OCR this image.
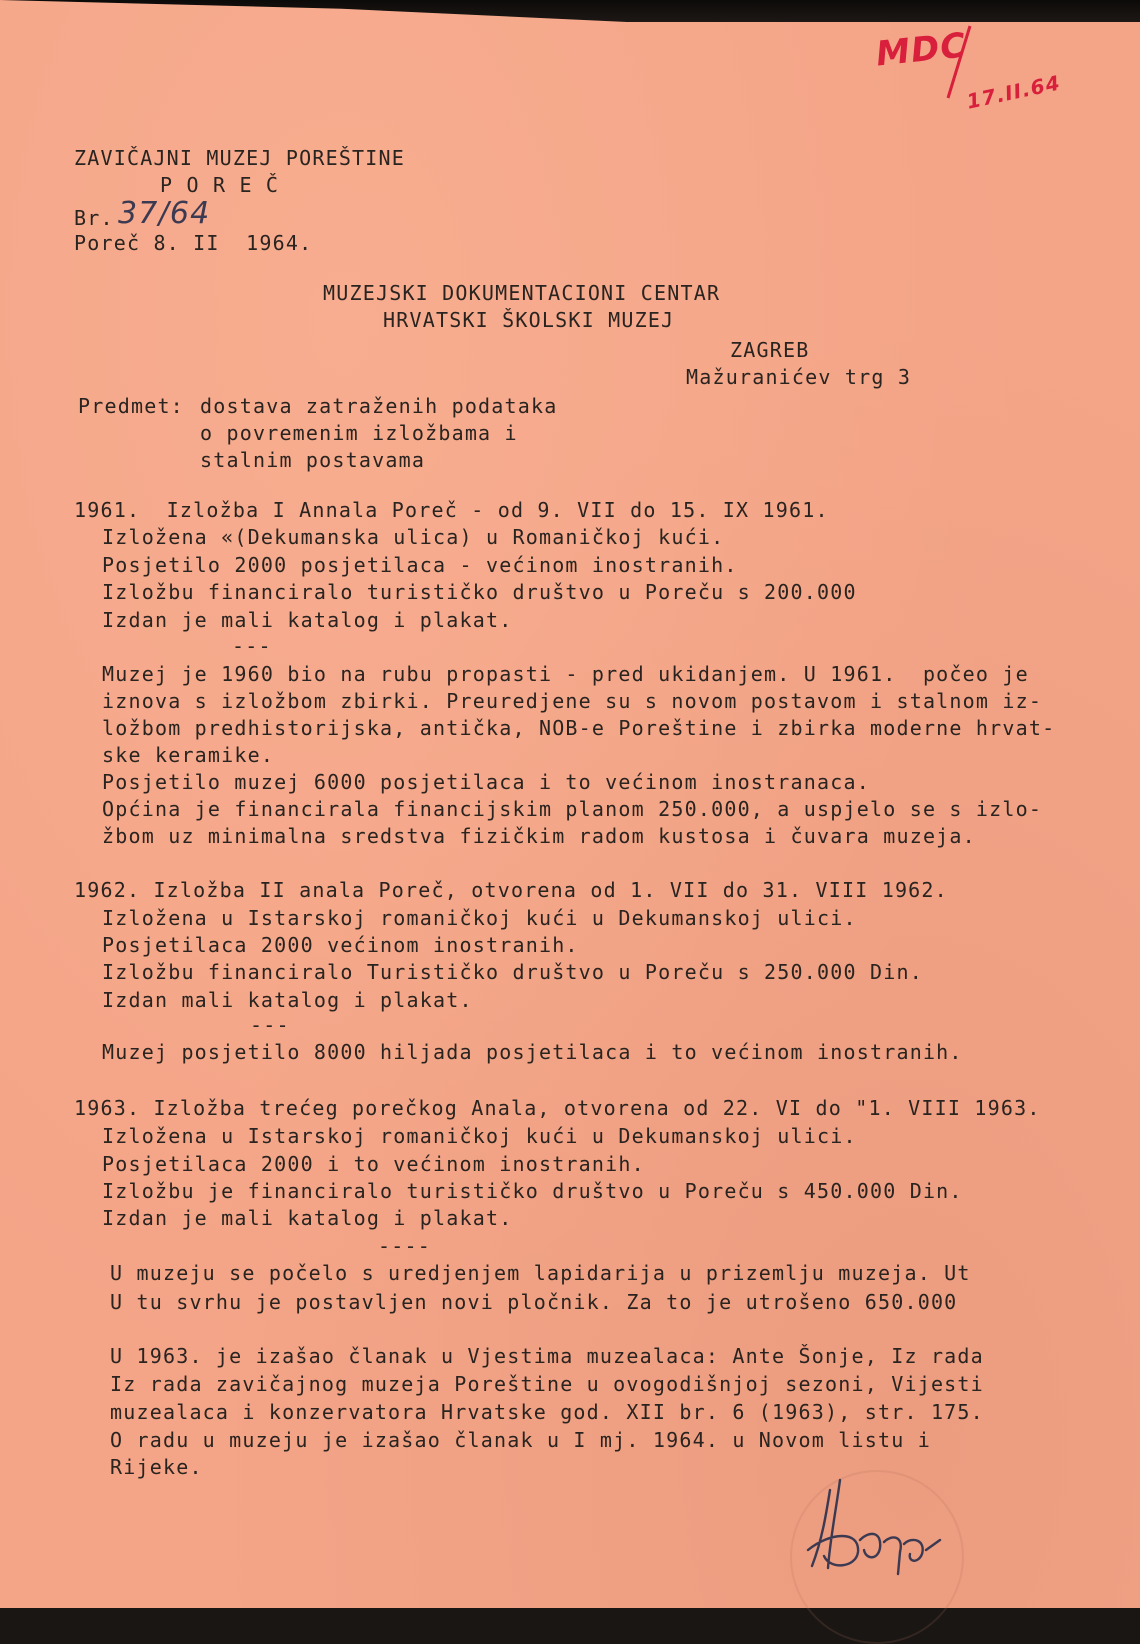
MDC
17.II.64
ZAVIČAJNI MUZEJ POREŠTINE
P O R E Č
Br. 37/64
Poreč 8. II  1964.
MUZEJSKI DOKUMENTACIONI CENTAR
HRVATSKI ŠKOLSKI MUZEJ
ZAGREB
Mažuranićev trg 3
Predmet: dostava zatraženih podataka
o povremenim izložbama i
stalnim postavama
1961.  Izložba I Annala Poreč - od 9. VII do 15. IX 1961.
Izložena «(Dekumanska ulica) u Romaničkoj kući.
Posjetilo 2000 posjetilaca - većinom inostranih.
Izložbu financiralo turističko društvo u Poreču s 200.000
Izdan je mali katalog i plakat.
---
Muzej je 1960 bio na rubu propasti - pred ukidanjem. U 1961.  počeo je
iznova s izložbom zbirki. Preuredjene su s novom postavom i stalnom iz-
ložbom predhistorijska, antička, NOB-e Poreštine i zbirka moderne hrvat-
ske keramike.
Posjetilo muzej 6000 posjetilaca i to većinom inostranaca.
Općina je financirala financijskim planom 250.000, a uspjelo se s izlo-
žbom uz minimalna sredstva fizičkim radom kustosa i čuvara muzeja.
1962. Izložba II anala Poreč, otvorena od 1. VII do 31. VIII 1962.
Izložena u Istarskoj romaničkoj kući u Dekumanskoj ulici.
Posjetilaca 2000 većinom inostranih.
Izložbu financiralo Turističko društvo u Poreču s 250.000 Din.
Izdan mali katalog i plakat.
---
Muzej posjetilo 8000 hiljada posjetilaca i to većinom inostranih.
1963. Izložba trećeg porečkog Anala, otvorena od 22. VI do "1. VIII 1963.
Izložena u Istarskoj romaničkoj kući u Dekumanskoj ulici.
Posjetilaca 2000 i to većinom inostranih.
Izložbu je financiralo turističko društvo u Poreču s 450.000 Din.
Izdan je mali katalog i plakat.
----
U muzeju se počelo s uredjenjem lapidarija u prizemlju muzeja. Ut
U tu svrhu je postavljen novi pločnik. Za to je utrošeno 650.000
U 1963. je izašao članak u Vjestima muzealaca: Ante Šonje, Iz rada
Iz rada zavičajnog muzeja Poreštine u ovogodišnjoj sezoni, Vijesti
muzealaca i konzervatora Hrvatske god. XII br. 6 (1963), str. 175.
O radu u muzeju je izašao članak u I mj. 1964. u Novom listu i
Rijeke.
